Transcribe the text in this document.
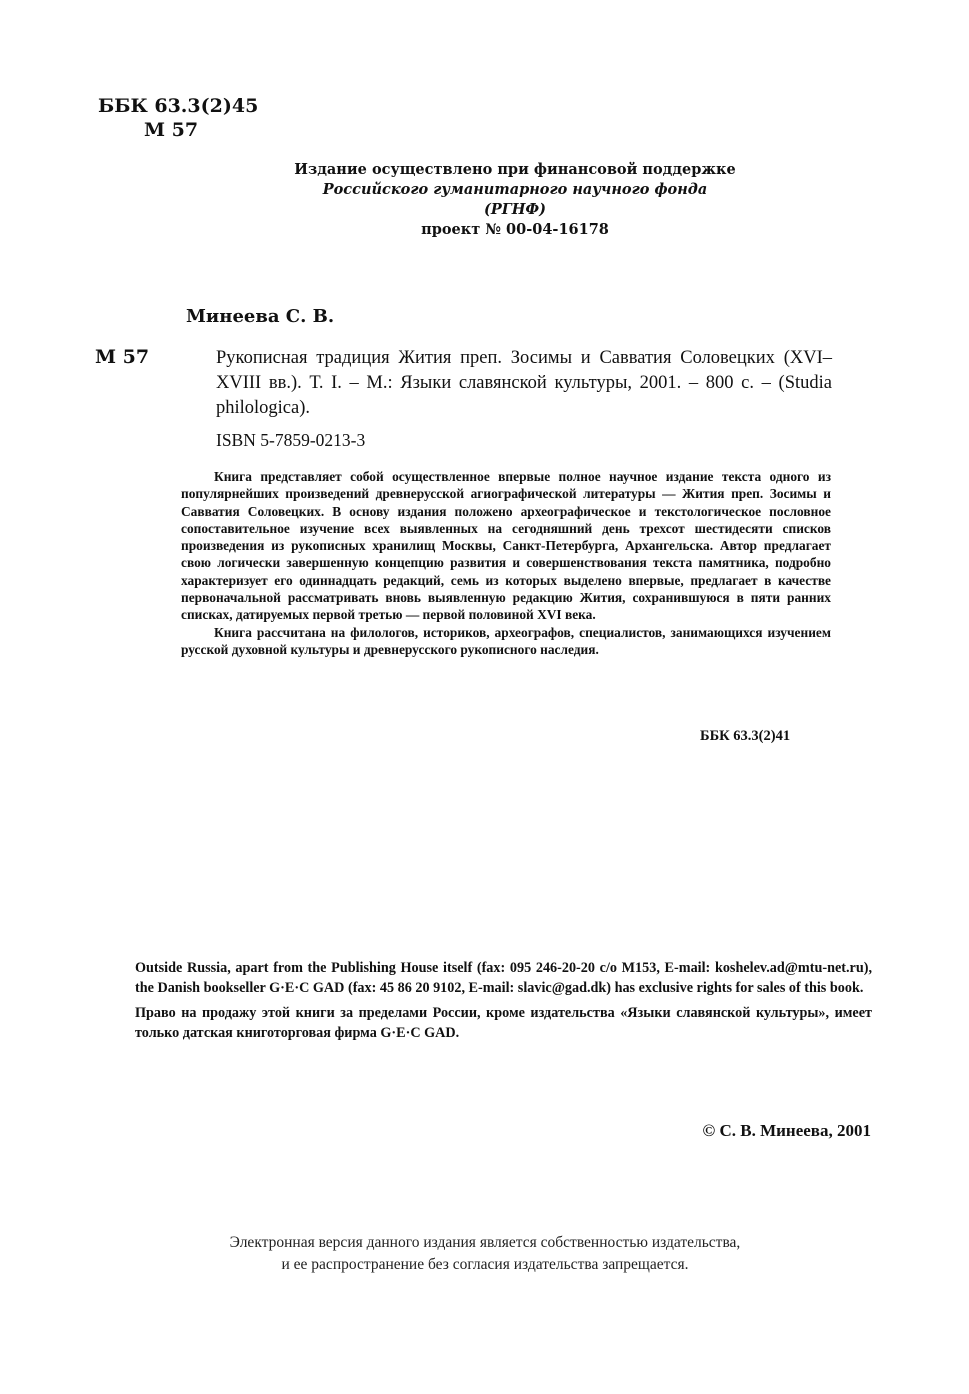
ББК 63.3(2)45
М 57
Издание осуществлено при финансовой поддержке
Российского гуманитарного научного фонда
(РГНФ)
проект № 00-04-16178
Минеева С. В.
М 57	Рукописная традиция Жития преп. Зосимы и Савватия Соловецких (XVI–XVIII вв.). Т. I. – М.: Языки славянской культуры, 2001. – 800 с. – (Studia philologica).
ISBN 5-7859-0213-3

Книга представляет собой осуществленное впервые полное научное издание текста одного из популярнейших произведений древнерусской агиографической литературы — Жития преп. Зосимы и Савватия Соловецких. В основу издания положено археографическое и текстологическое пословное сопоставительное изучение всех выявленных на сегодняшний день трехсот шестидесяти списков произведения из рукописных хранилищ Москвы, Санкт-Петербурга, Архангельска. Автор предлагает свою логически завершенную концепцию развития и совершенствования текста памятника, подробно характеризует его одиннадцать редакций, семь из которых выделено впервые, предлагает в качестве первоначальной рассматривать вновь выявленную редакцию Жития, сохранившуюся в пяти ранних списках, датируемых первой третью — первой половиной XVI века.

Книга рассчитана на филологов, историков, археографов, специалистов, занимающихся изучением русской духовной культуры и древнерусского рукописного наследия.

ББК 63.3(2)41

Outside Russia, apart from the Publishing House itself (fax: 095 246-20-20 c/o M153, E-mail: koshelev.ad@mtu-net.ru), the Danish bookseller G·E·C GAD (fax: 45 86 20 9102, E-mail: slavic@gad.dk) has exclusive rights for sales of this book.

Право на продажу этой книги за пределами России, кроме издательства «Языки славянской культуры», имеет только датская книготорговая фирма G·E·C GAD.

© С. В. Минеева, 2001
Электронная версия данного издания является собственностью издательства,
и ее распространение без согласия издательства запрещается.
